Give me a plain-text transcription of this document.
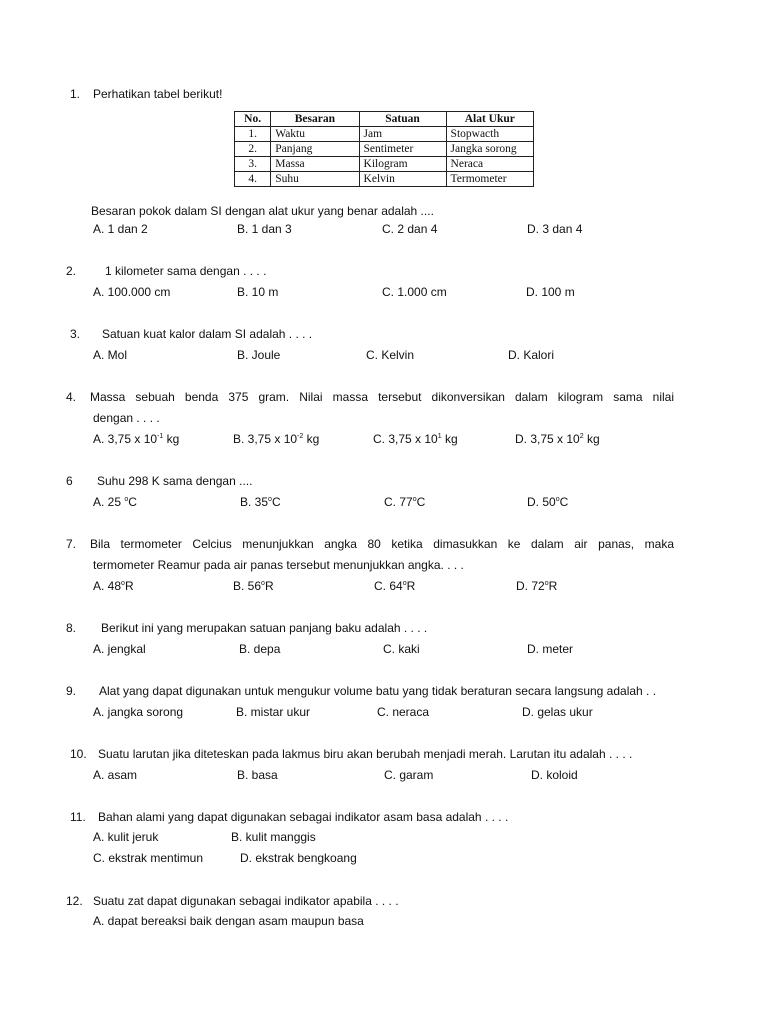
1. Perhatikan tabel berikut!
No.	Besaran	Satuan	Alat Ukur
1.	Waktu	Jam	Stopwacth
2.	Panjang	Sentimeter	Jangka sorong
3.	Massa	Kilogram	Neraca
4.	Suhu	Kelvin	Termometer
Besaran pokok dalam SI dengan alat ukur yang benar adalah ....
A. 1 dan 2	B. 1 dan 3	C. 2 dan 4	D. 3 dan 4
2. 1 kilometer sama dengan . . . .
A. 100.000 cm	B. 10 m	C. 1.000 cm	D. 100 m
3. Satuan kuat kalor dalam SI adalah . . . .
A. Mol	B. Joule	C. Kelvin	D. Kalori
4. Massa sebuah benda 375 gram. Nilai massa tersebut dikonversikan dalam kilogram sama nilai
dengan . . . .
A. 3,75 x $10^{-1}$ kg	B. 3,75 x $10^{-2}$ kg	C. 3,75 x $10^1$ kg	D. 3,75 x $10^2$ kg
6 Suhu 298 K sama dengan ....
A. 25 $^o$C	B. 35$^o$C	C. 77$^o$C	D. 50$^o$C
7. Bila termometer Celcius menunjukkan angka 80 ketika dimasukkan ke dalam air panas, maka
termometer Reamur pada air panas tersebut menunjukkan angka. . . .
A. 48$^o$R	B. 56$^o$R	C. 64$^o$R	D. 72$^o$R
8. Berikut ini yang merupakan satuan panjang baku adalah . . . .
A. jengkal	B. depa	C. kaki	D. meter
9. Alat yang dapat digunakan untuk mengukur volume batu yang tidak beraturan secara langsung adalah . .
A. jangka sorong	B. mistar ukur	C. neraca	D. gelas ukur
10. Suatu larutan jika diteteskan pada lakmus biru akan berubah menjadi merah. Larutan itu adalah . . . .
A. asam	B. basa	C. garam	D. koloid
11. Bahan alami yang dapat digunakan sebagai indikator asam basa adalah . . . .
A. kulit jeruk	B. kulit manggis
C. ekstrak mentimun	D. ekstrak bengkoang
12. Suatu zat dapat digunakan sebagai indikator apabila . . . .
A. dapat bereaksi baik dengan asam maupun basa
